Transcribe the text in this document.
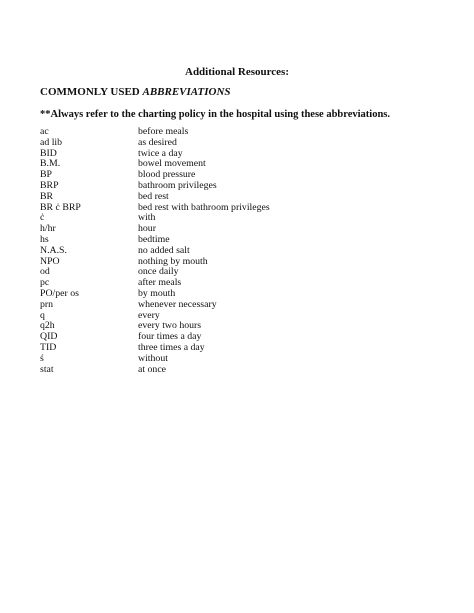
Additional Resources:
COMMONLY USED ABBREVIATIONS
**Always refer to the charting policy in the hospital using these abbreviations.
ac	before meals
ad lib	as desired
BID	twice a day
B.M.	bowel movement
BP	blood pressure
BRP	bathroom privileges
BR	bed rest
BR ċ BRP	bed rest with bathroom privileges
ċ	with
h/hr	hour
hs	bedtime
N.A.S.	no added salt
NPO	nothing by mouth
od	once daily
pc	after meals
PO/per os	by mouth
prn	whenever necessary
q	every
q2h	every two hours
QID	four times a day
TID	three times a day
ś	without
stat	at once
